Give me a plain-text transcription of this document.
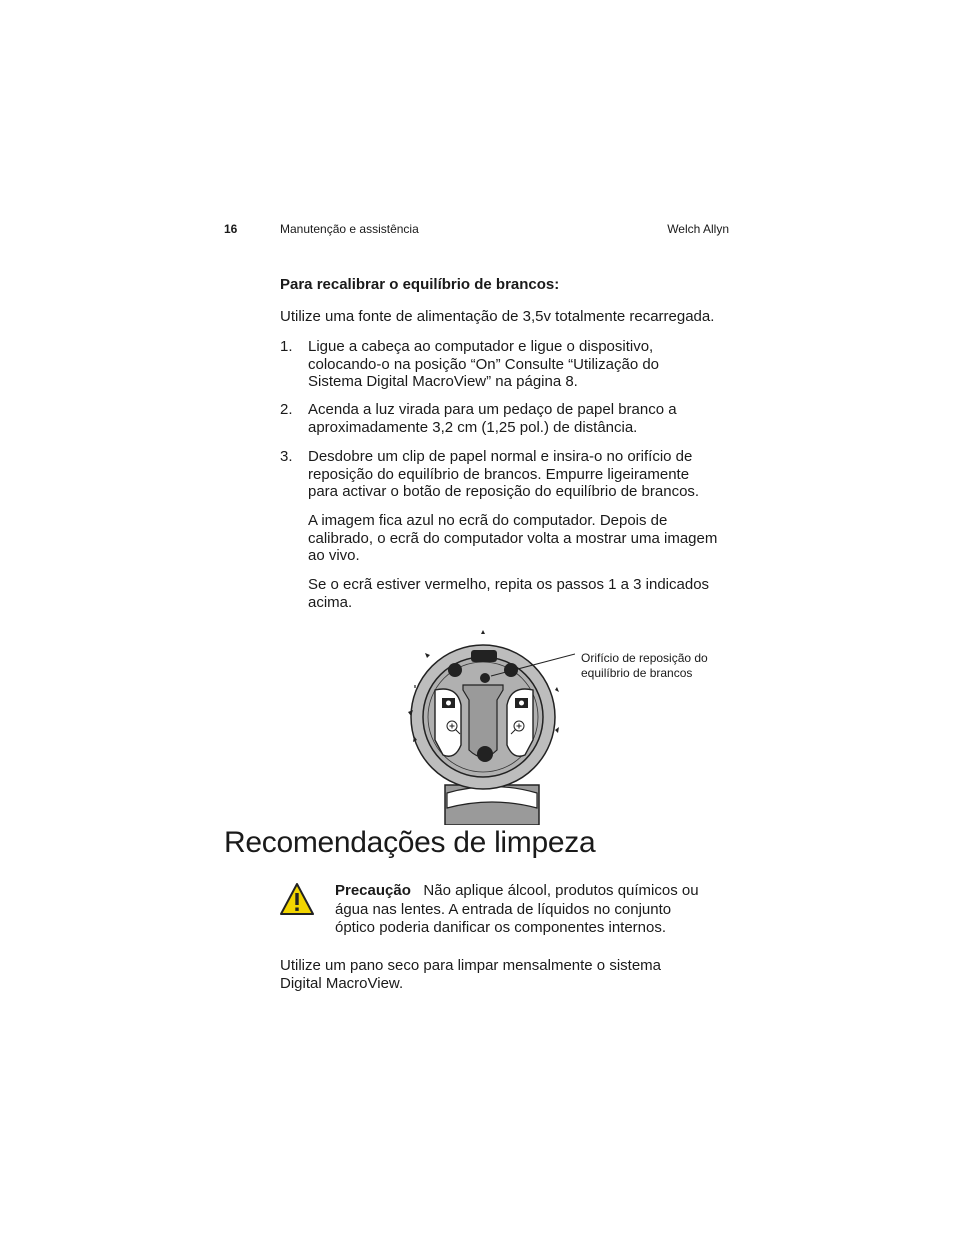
16	Manutenção e assistência	Welch Allyn
Para recalibrar o equilíbrio de brancos:
Utilize uma fonte de alimentação de 3,5v totalmente recarregada.
1. Ligue a cabeça ao computador e ligue o dispositivo,
colocando-o na posição “On” Consulte “Utilização do
Sistema Digital MacroView” na página 8.
2. Acenda a luz virada para um pedaço de papel branco a
aproximadamente 3,2 cm (1,25 pol.) de distância.
3. Desdobre um clip de papel normal e insira-o no orifício de
reposição do equilíbrio de brancos. Empurre ligeiramente
para activar o botão de reposição do equilíbrio de brancos.
A imagem fica azul no ecrã do computador. Depois de
calibrado, o ecrã do computador volta a mostrar uma imagem
ao vivo.
Se o ecrã estiver vermelho, repita os passos 1 a 3 indicados
acima.
Orifício de reposição do
equilíbrio de brancos
Recomendações de limpeza
Precaução Não aplique álcool, produtos químicos ou
água nas lentes. A entrada de líquidos no conjunto
óptico poderia danificar os componentes internos.
Utilize um pano seco para limpar mensalmente o sistema
Digital MacroView.
